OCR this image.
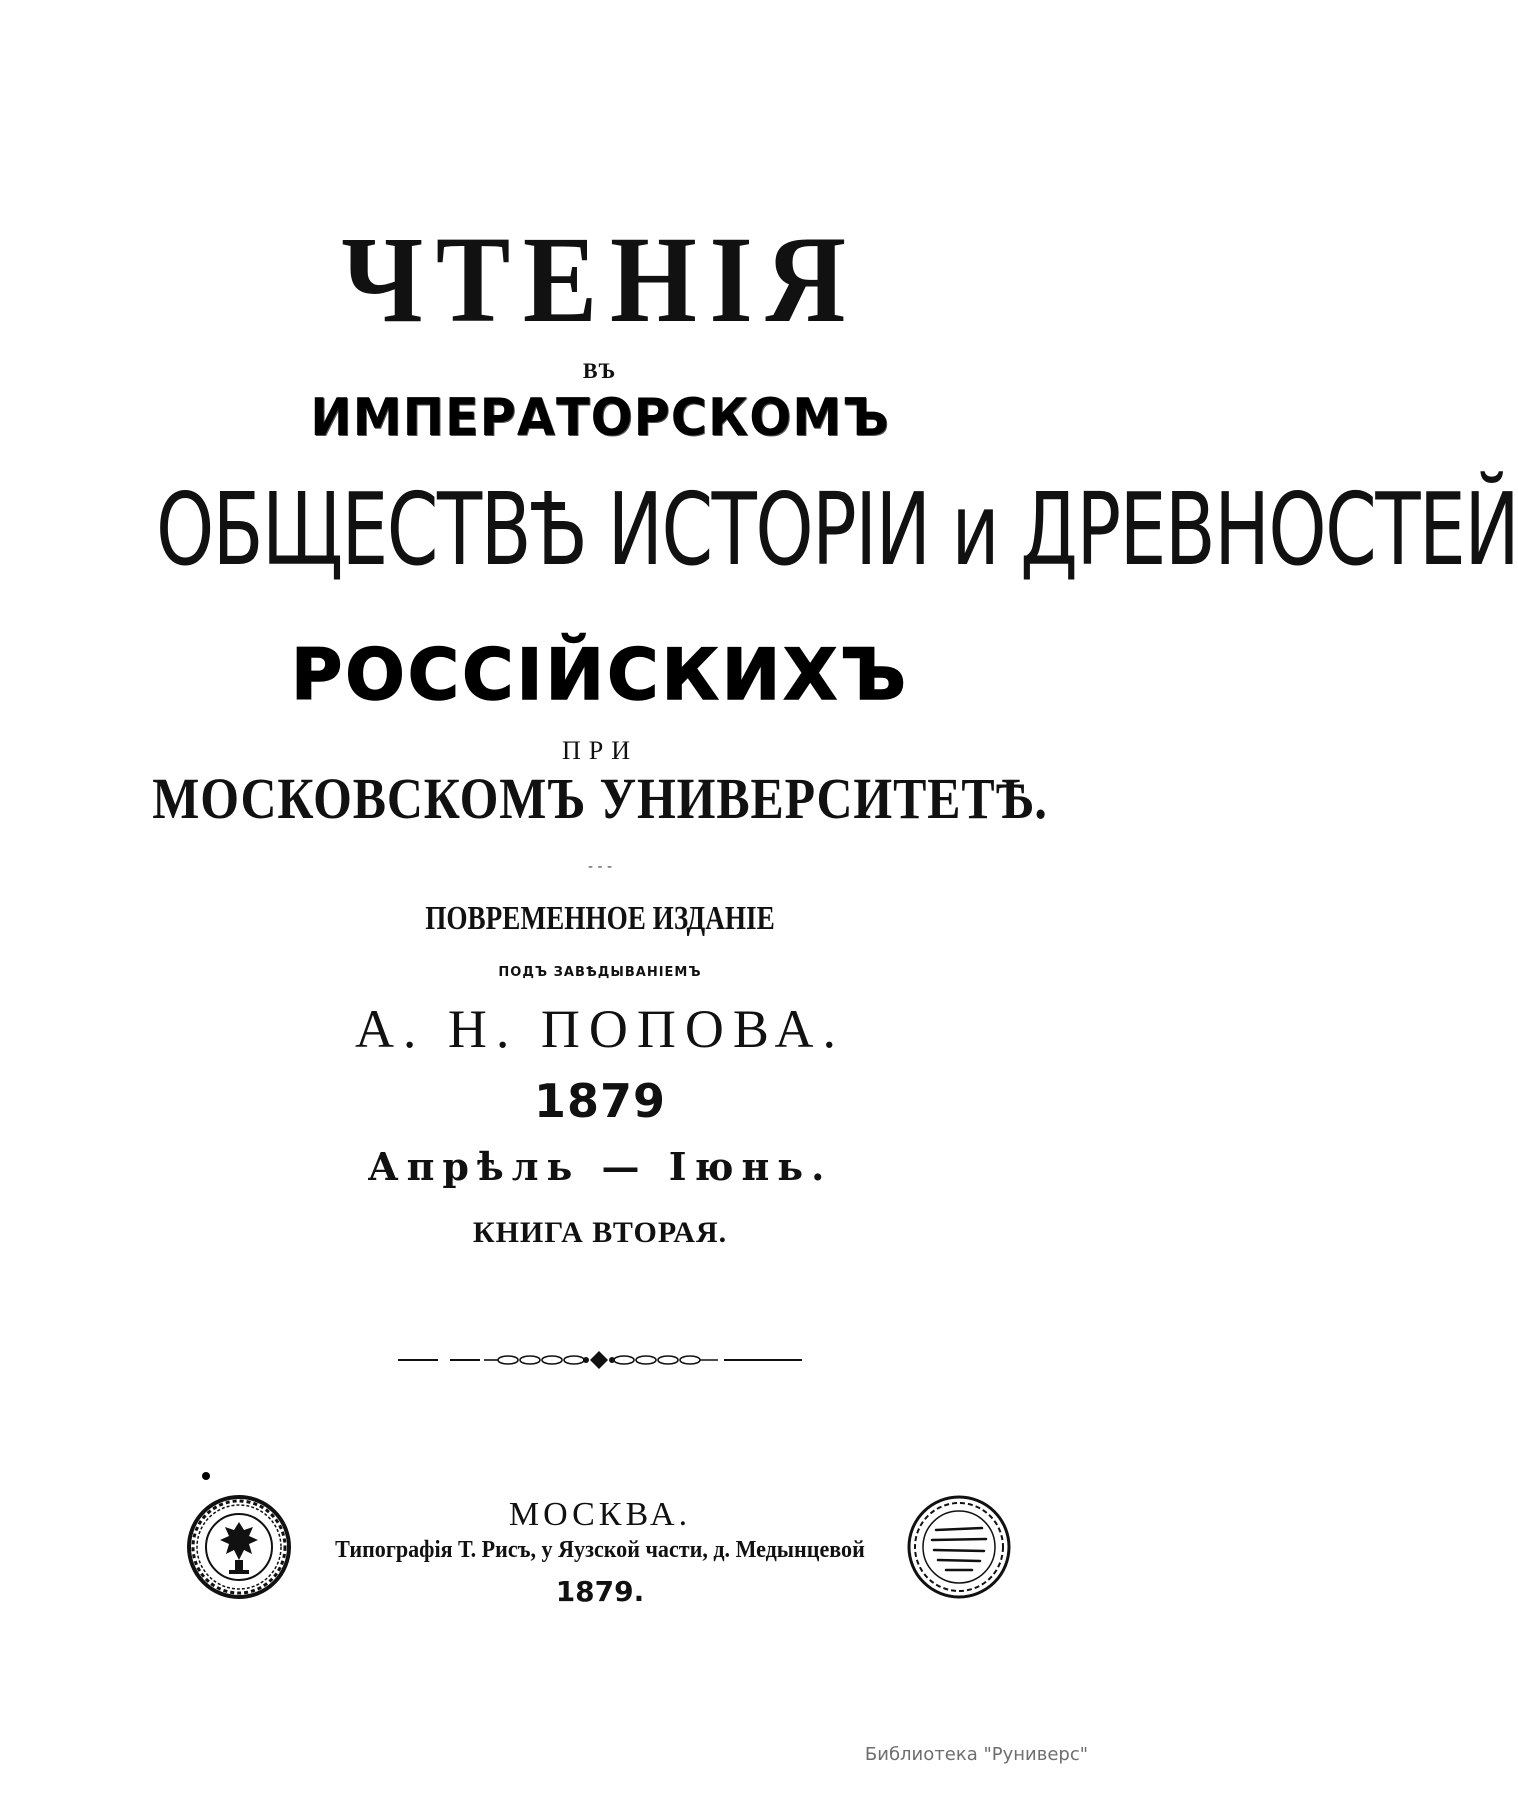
ЧТЕНІЯ
ВЪ
ИМПЕРАТОРСКОМЪ
ОБЩЕСТВѢ ИСТОРІИ и ДРЕВНОСТЕЙ
РОССІЙСКИХЪ
ПРИ
МОСКОВСКОМЪ УНИВЕРСИТЕТѢ.
‐ ‑ ‐
ПОВРЕМЕННОЕ ИЗДАНІЕ
ПОДЪ ЗАВѢДЫВАНІЕМЪ
А. Н. ПОПОВА.
1879
Апрѣль — Іюнь.
КНИГА ВТОРАЯ.
МОСКВА.
Типографія Т. Рисъ, у Яузской части, д. Медынцевой
1879.
Библиотека "Руниверс"
